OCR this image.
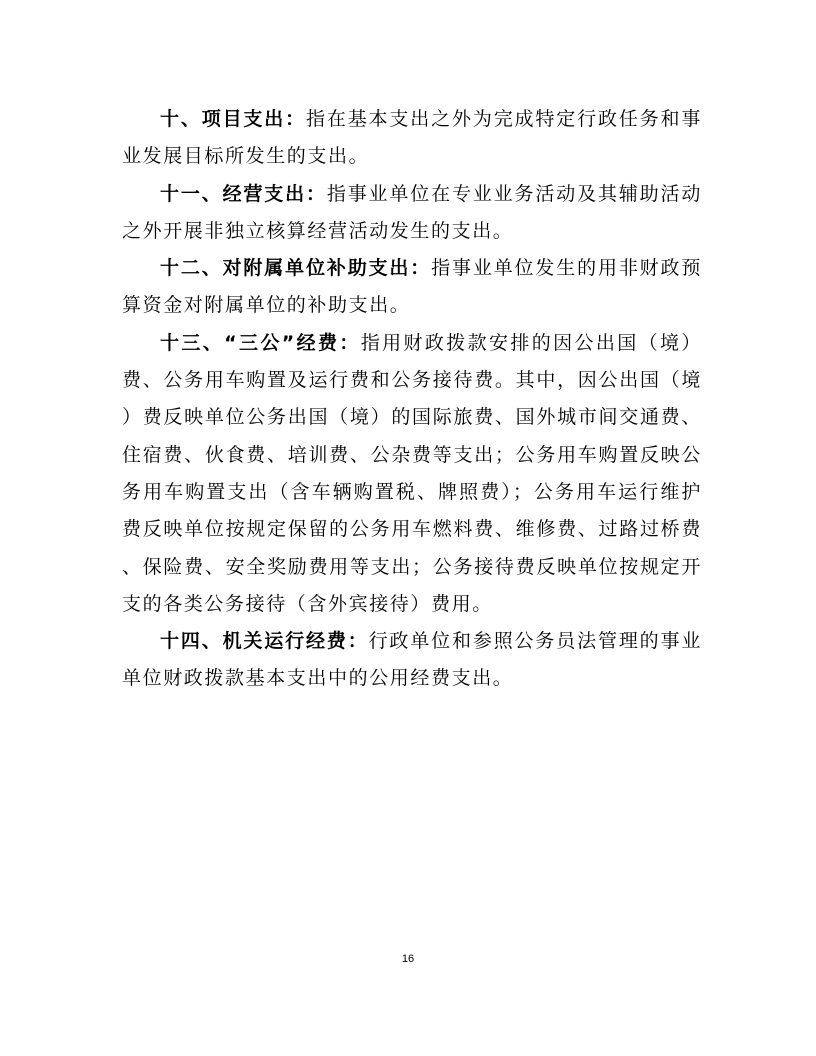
十、项目支出：指在基本支出之外为完成特定行政任务和事业发展目标所发生的支出。

十一、经营支出：指事业单位在专业业务活动及其辅助活动之外开展非独立核算经营活动发生的支出。

十二、对附属单位补助支出：指事业单位发生的用非财政预算资金对附属单位的补助支出。

十三、“三公”经费：指用财政拨款安排的因公出国（境）费、公务用车购置及运行费和公务接待费。其中，因公出国（境）费反映单位公务出国（境）的国际旅费、国外城市间交通费、住宿费、伙食费、培训费、公杂费等支出；公务用车购置反映公务用车购置支出（含车辆购置税、牌照费）；公务用车运行维护费反映单位按规定保留的公务用车燃料费、维修费、过路过桥费、保险费、安全奖励费用等支出；公务接待费反映单位按规定开支的各类公务接待（含外宾接待）费用。

十四、机关运行经费：行政单位和参照公务员法管理的事业单位财政拨款基本支出中的公用经费支出。

16
